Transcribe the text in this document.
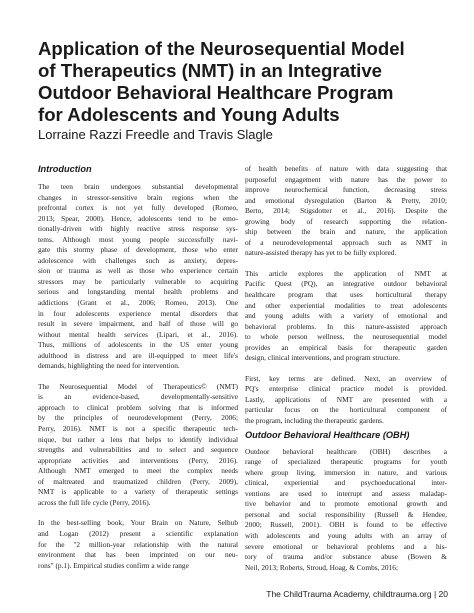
Application of the Neurosequential Model
of Therapeutics (NMT) in an Integrative
Outdoor Behavioral Healthcare Program
for Adolescents and Young Adults
Lorraine Razzi Freedle and Travis Slagle
Introduction
The teen brain undergoes substantial developmental
changes in stressor-sensitive brain regions when the
prefrontal cortex is not yet fully developed (Romeo,
2013; Spear, 2000). Hence, adolescents tend to be emo-
tionally-driven with highly reactive stress response sys-
tems. Although most young people successfully navi-
gate this stormy phase of development, those who enter
adolescence with challenges such as anxiety, depres-
sion or trauma as well as those who experience certain
stressors may be particularly vulnerable to acquiring
serious and longstanding mental health problems and
addictions (Grant et al., 2006; Romeo, 2013). One
in four adolescents experience mental disorders that
result in severe impairment, and half of those will go
without mental health services (Lipari, et al., 2016).
Thus, millions of adolescents in the US enter young
adulthood in distress and are ill-equipped to meet life's
demands, highlighting the need for intervention.
The Neurosequential Model of Therapeutics© (NMT)
is an evidence-based, developmentally-sensitive
approach to clinical problem solving that is informed
by the principles of neurodevelopment (Perry, 2006;
Perry, 2016). NMT is not a specific therapeutic tech-
nique, but rather a lens that helps to identify individual
strengths and vulnerabilities and to select and sequence
appropriate activities and interventions (Perry, 2016).
Although NMT emerged to meet the complex needs
of maltreated and traumatized children (Perry, 2009),
NMT is applicable to a variety of therapeutic settings
across the full life cycle (Perry, 2016).
In the best-selling book, Your Brain on Nature, Selhub
and Logan (2012) present a scientific explanation
for the "2 million-year relationship with the natural
environment that has been imprinted on our neu-
rons" (p.1). Empirical studies confirm a wide range
of health benefits of nature with data suggesting that
purposeful engagement with nature has the power to
improve neurochemical function, decreasing stress
and emotional dysregulation (Barton & Pretty, 2010;
Berto, 2014; Stigsdotter et al., 2016). Despite the
growing body of research supporting the relation-
ship between the brain and nature, the application
of a neurodevelopmental approach such as NMT in
nature-assisted therapy has yet to be fully explored.
This article explores the application of NMT at
Pacific Quest (PQ), an integrative outdoor behavioral
healthcare program that uses horticultural therapy
and other experiential modalities to treat adolescents
and young adults with a variety of emotional and
behavioral problems. In this nature-assisted approach
to whole person wellness, the neurosequential model
provides an empirical basis for therapeutic garden
design, clinical interventions, and program structure.
First, key terms are defined. Next, an overview of
PQ's enterprise clinical practice model is provided.
Lastly, applications of NMT are presented with a
particular focus on the horticultural component of
the program, including the therapeutic gardens.
Outdoor Behavioral Healthcare (OBH)
Outdoor behavioral healthcare (OBH) describes a
range of specialized therapeutic programs for youth
where group living, immersion in nature, and various
clinical, experiential and psychoeducational inter-
ventions are used to interrupt and assess maladap-
tive behavior and to promote emotional growth and
personal and social responsibility (Russell & Hendee,
2000; Russell, 2001). OBH is found to be effective
with adolescents and young adults with an array of
severe emotional or behavioral problems and a his-
tory of trauma and/or substance abuse (Bowen &
Neil, 2013; Roberts, Stroud, Hoag, & Combs, 2016;
The ChildTrauma Academy, childtrauma.org | 20
